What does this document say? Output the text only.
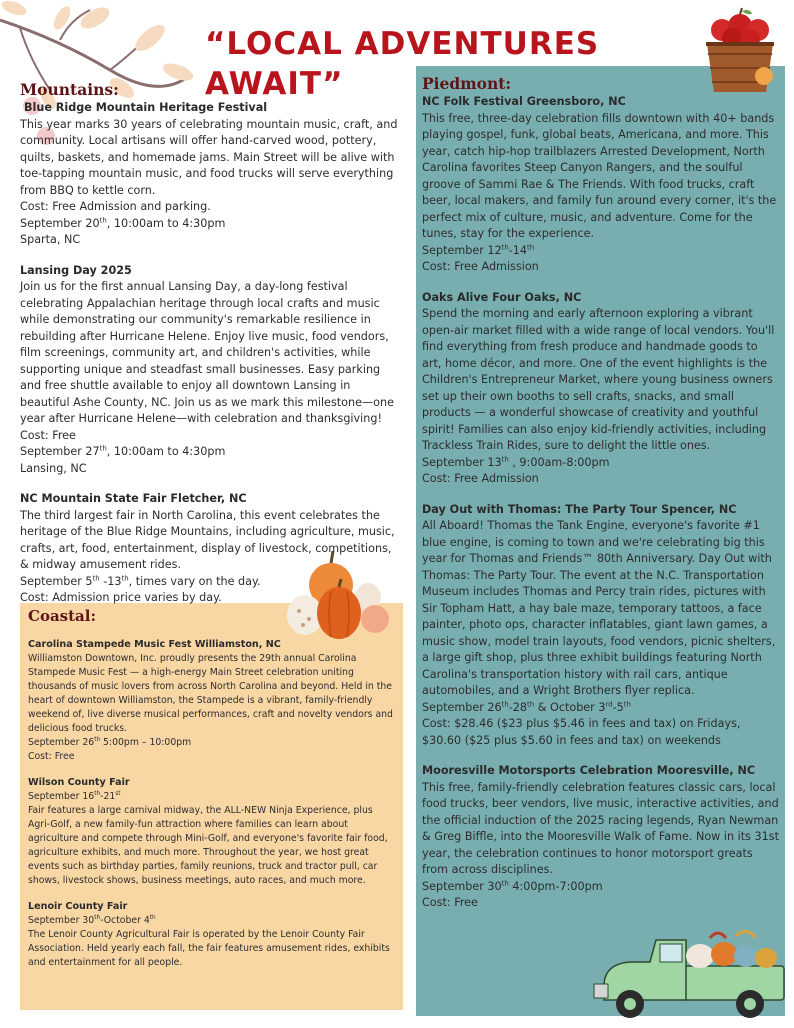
“LOCAL ADVENTURES AWAIT”
Mountains:
Blue Ridge Mountain Heritage Festival
This year marks 30 years of celebrating mountain music, craft, and community. Local artisans will offer hand-carved wood, pottery, quilts, baskets, and homemade jams. Main Street will be alive with toe-tapping mountain music, and food trucks will serve everything from BBQ to kettle corn.
Cost: Free Admission and parking.
September 20th, 10:00am to 4:30pm
Sparta, NC
Lansing Day 2025
Join us for the first annual Lansing Day, a day-long festival celebrating Appalachian heritage through local crafts and music while demonstrating our community's remarkable resilience in rebuilding after Hurricane Helene. Enjoy live music, food vendors, film screenings, community art, and children's activities, while supporting unique and steadfast small businesses. Easy parking and free shuttle available to enjoy all downtown Lansing in beautiful Ashe County, NC. Join us as we mark this milestone—one year after Hurricane Helene—with celebration and thanksgiving!
Cost: Free
September 27th, 10:00am to 4:30pm
Lansing, NC
NC Mountain State Fair Fletcher, NC
The third largest fair in North Carolina, this event celebrates the heritage of the Blue Ridge Mountains, including agriculture, music, crafts, art, food, entertainment, display of livestock, competitions, & midway amusement rides.
September 5th -13th, times vary on the day.
Cost: Admission price varies by day.
Coastal:
Carolina Stampede Music Fest Williamston, NC
Williamston Downtown, Inc. proudly presents the 29th annual Carolina Stampede Music Fest — a high-energy Main Street celebration uniting thousands of music lovers from across North Carolina and beyond. Held in the heart of downtown Williamston, the Stampede is a vibrant, family-friendly weekend of, live diverse musical performances, craft and novelty vendors and delicious food trucks.
September 26th 5:00pm – 10:00pm
Cost: Free
Wilson County Fair
September 16th-21st
Fair features a large carnival midway, the ALL-NEW Ninja Experience, plus Agri-Golf, a new family-fun attraction where families can learn about agriculture and compete through Mini-Golf, and everyone's favorite fair food, agriculture exhibits, and much more. Throughout the year, we host great events such as birthday parties, family reunions, truck and tractor pull, car shows, livestock shows, business meetings, auto races, and much more.
Lenoir County Fair
September 30th-October 4th
The Lenoir County Agricultural Fair is operated by the Lenoir County Fair Association. Held yearly each fall, the fair features amusement rides, exhibits and entertainment for all people.
Piedmont:
NC Folk Festival Greensboro, NC
This free, three-day celebration fills downtown with 40+ bands playing gospel, funk, global beats, Americana, and more. This year, catch hip-hop trailblazers Arrested Development, North Carolina favorites Steep Canyon Rangers, and the soulful groove of Sammi Rae & The Friends. With food trucks, craft beer, local makers, and family fun around every corner, it's the perfect mix of culture, music, and adventure. Come for the tunes, stay for the experience.
September 12th-14th
Cost: Free Admission
Oaks Alive Four Oaks, NC
Spend the morning and early afternoon exploring a vibrant open-air market filled with a wide range of local vendors. You'll find everything from fresh produce and handmade goods to art, home décor, and more. One of the event highlights is the Children's Entrepreneur Market, where young business owners set up their own booths to sell crafts, snacks, and small products — a wonderful showcase of creativity and youthful spirit! Families can also enjoy kid-friendly activities, including Trackless Train Rides, sure to delight the little ones.
September 13th , 9:00am-8:00pm
Cost: Free Admission
Day Out with Thomas: The Party Tour Spencer, NC
All Aboard! Thomas the Tank Engine, everyone's favorite #1 blue engine, is coming to town and we're celebrating big this year for Thomas and Friends™ 80th Anniversary. Day Out with Thomas: The Party Tour. The event at the N.C. Transportation Museum includes Thomas and Percy train rides, pictures with Sir Topham Hatt, a hay bale maze, temporary tattoos, a face painter, photo ops, character inflatables, giant lawn games, a music show, model train layouts, food vendors, picnic shelters, a large gift shop, plus three exhibit buildings featuring North Carolina's transportation history with rail cars, antique automobiles, and a Wright Brothers flyer replica.
September 26th-28th & October 3rd-5th
Cost: $28.46 ($23 plus $5.46 in fees and tax) on Fridays, $30.60 ($25 plus $5.60 in fees and tax) on weekends
Mooresville Motorsports Celebration Mooresville, NC
This free, family-friendly celebration features classic cars, local food trucks, beer vendors, live music, interactive activities, and the official induction of the 2025 racing legends, Ryan Newman & Greg Biffle, into the Mooresville Walk of Fame. Now in its 31st year, the celebration continues to honor motorsport greats from across disciplines.
September 30th 4:00pm-7:00pm
Cost: Free
